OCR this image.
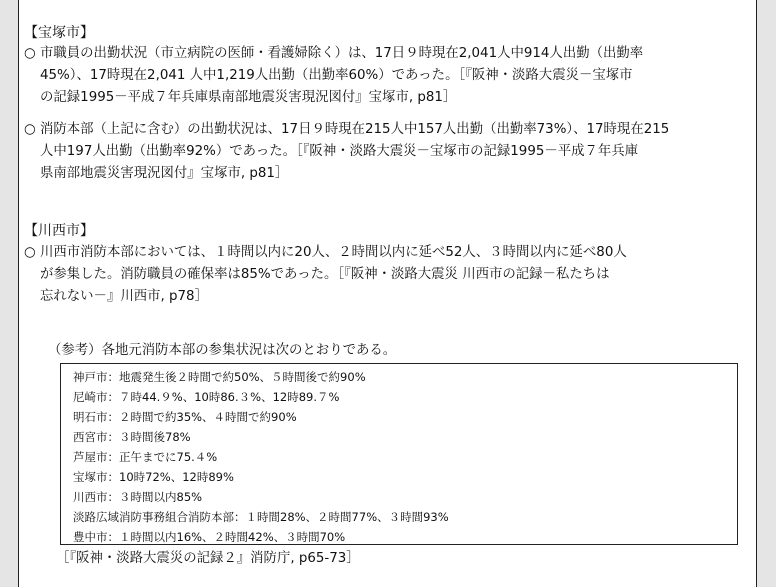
【宝塚市】
○ 市職員の出勤状況（市立病院の医師・看護婦除く）は、17日９時現在2,041人中914人出勤（出勤率
45%）、17時現在2,041 人中1,219人出勤（出勤率60%）であった。［『阪神・淡路大震災－宝塚市
の記録1995－平成７年兵庫県南部地震災害現況図付』宝塚市, p81］
○ 消防本部（上記に含む）の出勤状況は、17日９時現在215人中157人出勤（出勤率73%）、17時現在215
人中197人出勤（出勤率92%）であった。［『阪神・淡路大震災－宝塚市の記録1995－平成７年兵庫
県南部地震災害現況図付』宝塚市, p81］
【川西市】
○ 川西市消防本部においては、１時間以内に20人、２時間以内に延べ52人、３時間以内に延べ80人
が参集した。消防職員の確保率は85%であった。［『阪神・淡路大震災 川西市の記録－私たちは
忘れない－』川西市, p78］
（参考）各地元消防本部の参集状況は次のとおりである。
神戸市：地震発生後２時間で約50%、５時間後で約90%
尼崎市：７時44.９%、10時86.３%、12時89.７%
明石市：２時間で約35%、４時間で約90%
西宮市：３時間後78%
芦屋市：正午までに75.４%
宝塚市：10時72%、12時89%
川西市：３時間以内85%
淡路広域消防事務組合消防本部：１時間28%、２時間77%、３時間93%
豊中市：１時間以内16%、２時間42%、３時間70%
［『阪神・淡路大震災の記録２』消防庁, p65-73］
